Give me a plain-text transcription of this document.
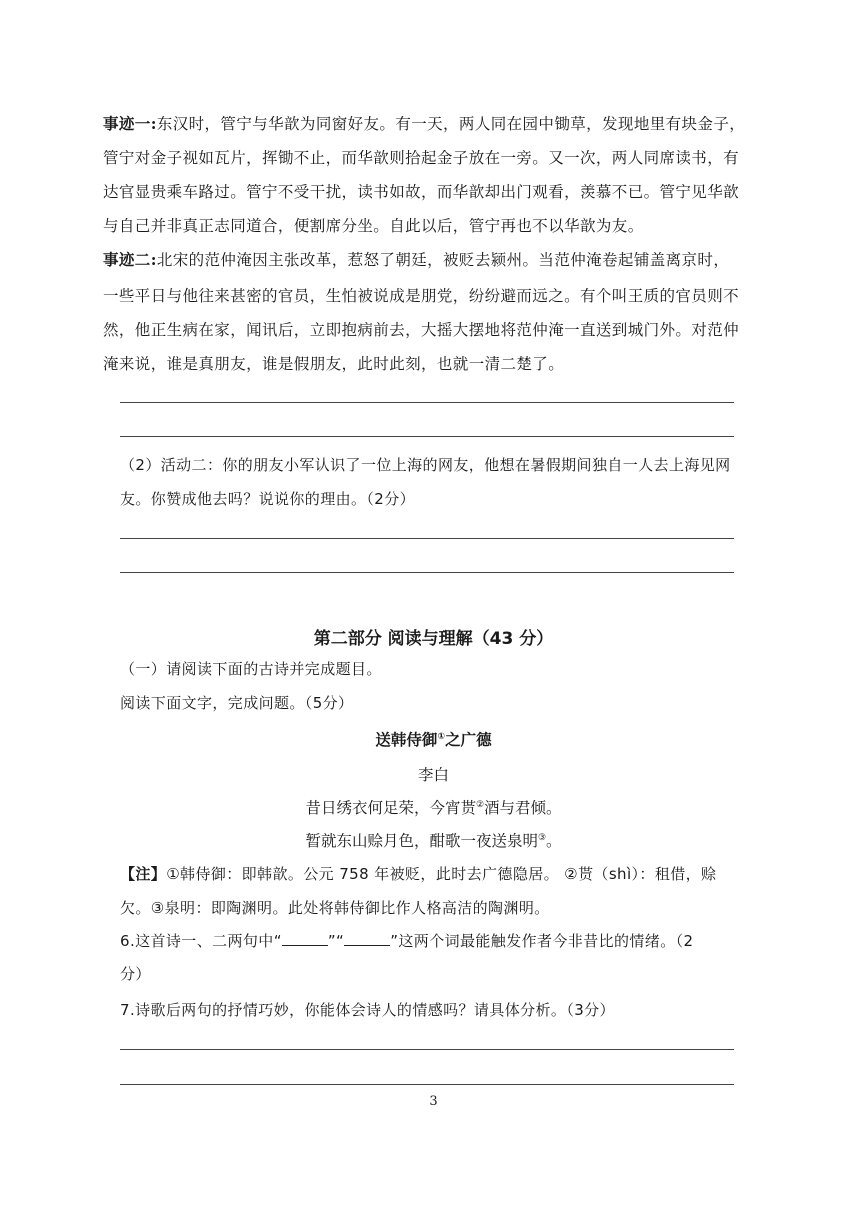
事迹一:东汉时，管宁与华歆为同窗好友。有一天，两人同在园中锄草，发现地里有块金子，
管宁对金子视如瓦片，挥锄不止，而华歆则拾起金子放在一旁。又一次，两人同席读书，有
达官显贵乘车路过。管宁不受干扰，读书如故，而华歆却出门观看，羡慕不已。管宁见华歆
与自己并非真正志同道合，便割席分坐。自此以后，管宁再也不以华歆为友。
事迹二:北宋的范仲淹因主张改革，惹怒了朝廷，被贬去颍州。当范仲淹卷起铺盖离京时，
一些平日与他往来甚密的官员，生怕被说成是朋党，纷纷避而远之。有个叫王质的官员则不
然，他正生病在家，闻讯后，立即抱病前去，大摇大摆地将范仲淹一直送到城门外。对范仲
淹来说，谁是真朋友，谁是假朋友，此时此刻，也就一清二楚了。
（2）活动二：你的朋友小军认识了一位上海的网友，他想在暑假期间独自一人去上海见网
友。你赞成他去吗？说说你的理由。（2分）
第二部分 阅读与理解（43 分）
（一）请阅读下面的古诗并完成题目。
阅读下面文字，完成问题。（5分）
送韩侍御①之广德
李白
昔日绣衣何足荣，今宵贳②酒与君倾。
暂就东山赊月色，酣歌一夜送泉明③。
【注】①韩侍御：即韩歆。公元 758 年被贬，此时去广德隐居。 ②贳（shì）：租借，赊
欠。③泉明：即陶渊明。此处将韩侍御比作人格高洁的陶渊明。
6.这首诗一、二两句中“	”“	”这两个词最能触发作者今非昔比的情绪。（2
分）
7.诗歌后两句的抒情巧妙，你能体会诗人的情感吗？请具体分析。（3分）
3
